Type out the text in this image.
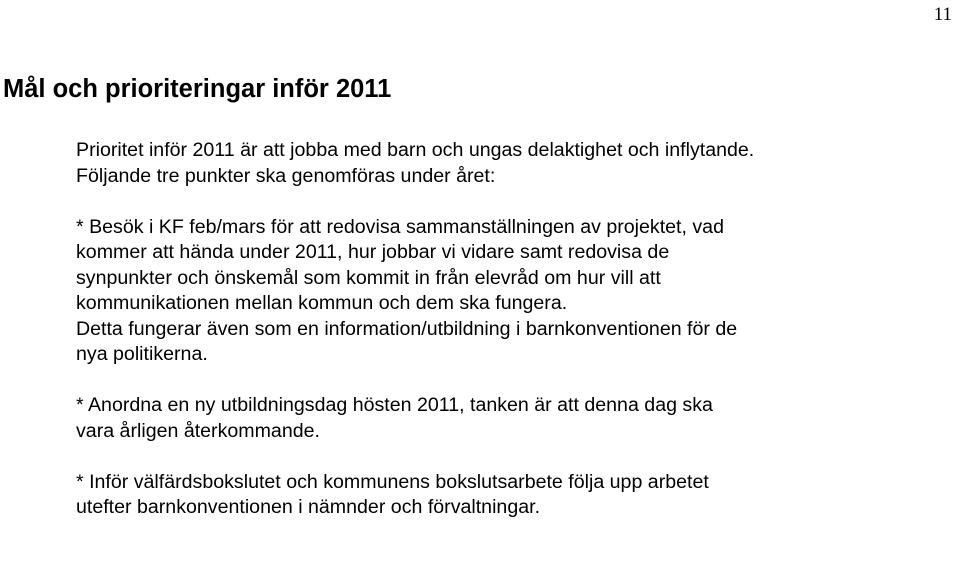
11
Mål och prioriteringar inför 2011
Prioritet inför 2011 är att jobba med barn och ungas delaktighet och inflytande.
Följande tre punkter ska genomföras under året:
* Besök i KF feb/mars för att redovisa sammanställningen av projektet, vad
kommer att hända under 2011, hur jobbar vi vidare samt redovisa de
synpunkter och önskemål som kommit in från elevråd om hur vill att
kommunikationen mellan kommun och dem ska fungera.
Detta fungerar även som en information/utbildning i barnkonventionen för de
nya politikerna.
* Anordna en ny utbildningsdag hösten 2011, tanken är att denna dag ska
vara årligen återkommande.
* Inför välfärdsbokslutet och kommunens bokslutsarbete följa upp arbetet
utefter barnkonventionen i nämnder och förvaltningar.
